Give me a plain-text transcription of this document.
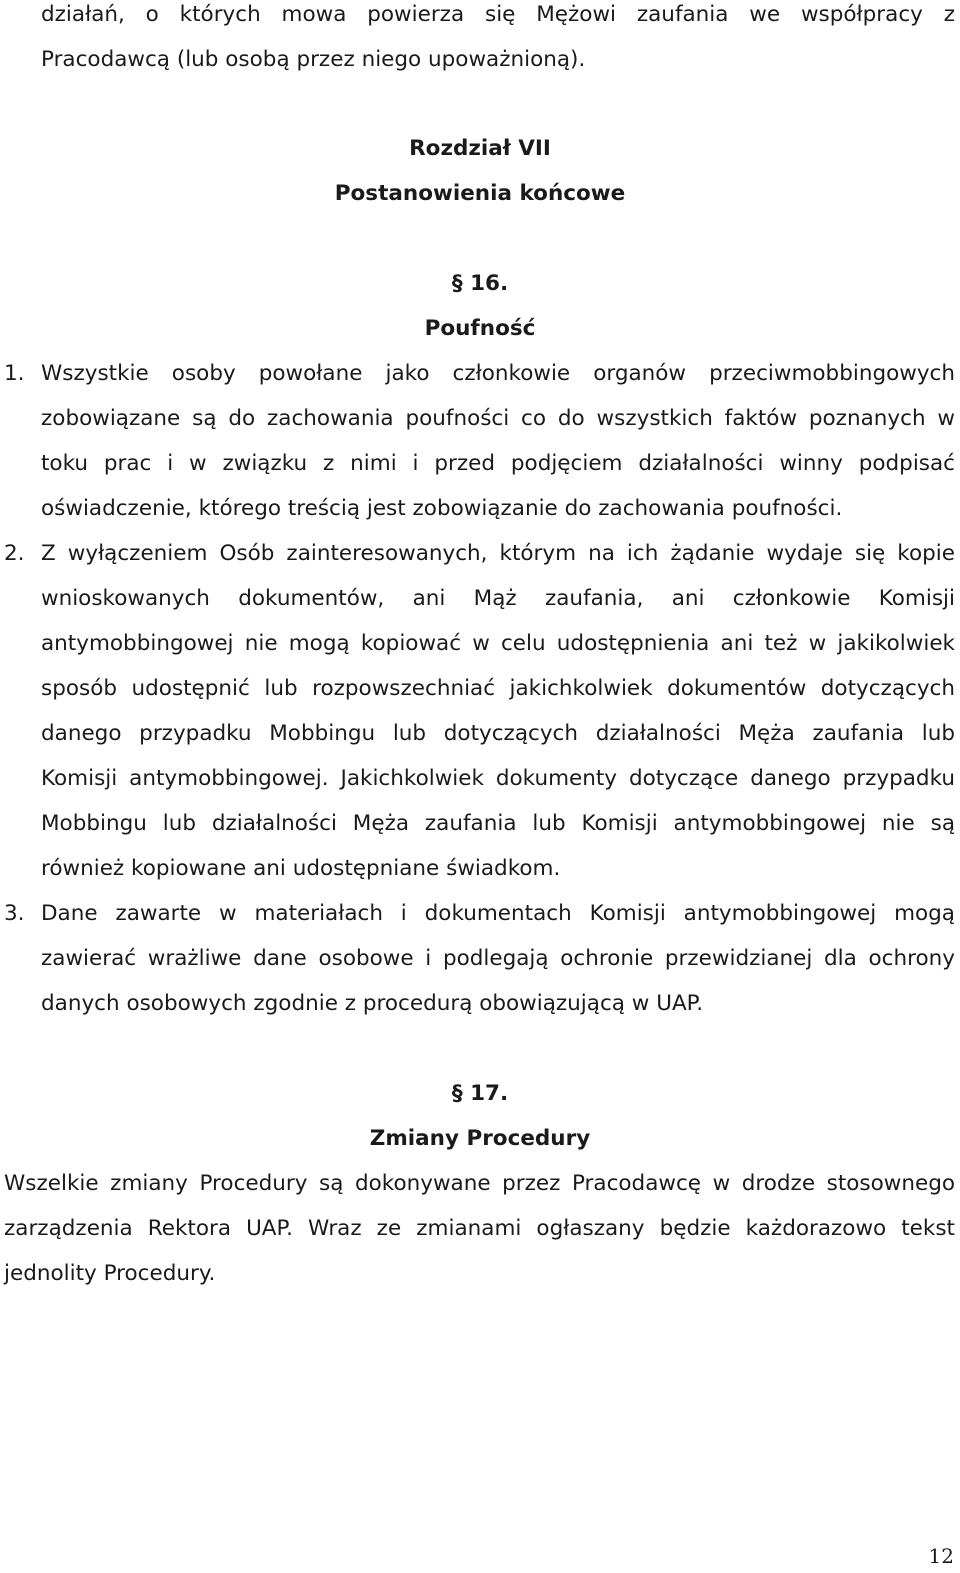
działań, o których mowa powierza się Mężowi zaufania we współpracy z
Pracodawcą (lub osobą przez niego upoważnioną).
Rozdział VII
Postanowienia końcowe
§ 16.
Poufność
1. Wszystkie osoby powołane jako członkowie organów przeciwmobbingowych
zobowiązane są do zachowania poufności co do wszystkich faktów poznanych w
toku prac i w związku z nimi i przed podjęciem działalności winny podpisać
oświadczenie, którego treścią jest zobowiązanie do zachowania poufności.
2. Z wyłączeniem Osób zainteresowanych, którym na ich żądanie wydaje się kopie
wnioskowanych dokumentów, ani Mąż zaufania, ani członkowie Komisji
antymobbingowej nie mogą kopiować w celu udostępnienia ani też w jakikolwiek
sposób udostępnić lub rozpowszechniać jakichkolwiek dokumentów dotyczących
danego przypadku Mobbingu lub dotyczących działalności Męża zaufania lub
Komisji antymobbingowej. Jakichkolwiek dokumenty dotyczące danego przypadku
Mobbingu lub działalności Męża zaufania lub Komisji antymobbingowej nie są
również kopiowane ani udostępniane świadkom.
3. Dane zawarte w materiałach i dokumentach Komisji antymobbingowej mogą
zawierać wrażliwe dane osobowe i podlegają ochronie przewidzianej dla ochrony
danych osobowych zgodnie z procedurą obowiązującą w UAP.
§ 17.
Zmiany Procedury
Wszelkie zmiany Procedury są dokonywane przez Pracodawcę w drodze stosownego
zarządzenia Rektora UAP. Wraz ze zmianami ogłaszany będzie każdorazowo tekst
jednolity Procedury.
12
